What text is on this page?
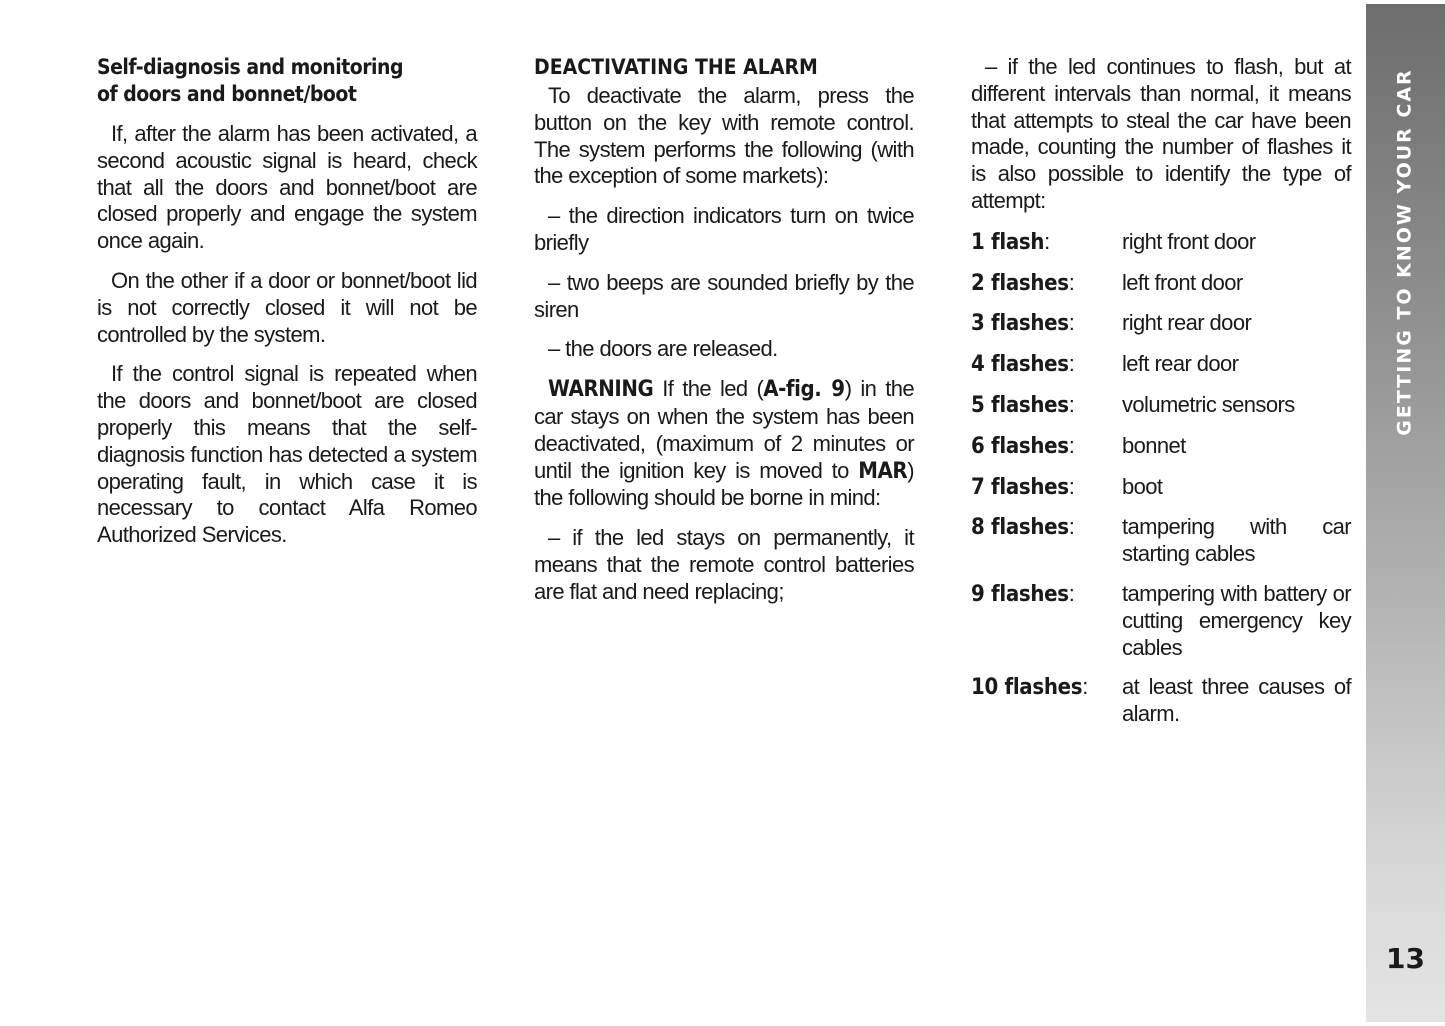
Self-diagnosis and monitoring
of doors and bonnet/boot

If, after the alarm has been activated, a second acoustic signal is heard, check that all the doors and bonnet/boot are closed properly and engage the system once again.

On the other if a door or bonnet/boot lid is not correctly closed it will not be controlled by the system.

If the control signal is repeated when the doors and bonnet/boot are closed properly this means that the self-diagnosis function has detected a system operating fault, in which case it is necessary to contact Alfa Romeo Authorized Services.

DEACTIVATING THE ALARM

To deactivate the alarm, press the button on the key with remote control. The system performs the following (with the exception of some markets):

– the direction indicators turn on twice briefly

– two beeps are sounded briefly by the siren

– the doors are released.

WARNING If the led (A-fig. 9) in the car stays on when the system has been deactivated, (maximum of 2 minutes or until the ignition key is moved to MAR) the following should be borne in mind:

– if the led stays on permanently, it means that the remote control batteries are flat and need replacing;

– if the led continues to flash, but at different intervals than normal, it means that attempts to steal the car have been made, counting the number of flashes it is also possible to identify the type of attempt:

1 flash:	right front door
2 flashes:	left front door
3 flashes:	right rear door
4 flashes:	left rear door
5 flashes:	volumetric sensors
6 flashes:	bonnet
7 flashes:	boot
8 flashes:	tampering with car starting cables
9 flashes:	tampering with battery or cutting emergency key cables
10 flashes:	at least three causes of alarm.
GETTING TO KNOW YOUR CAR
13
